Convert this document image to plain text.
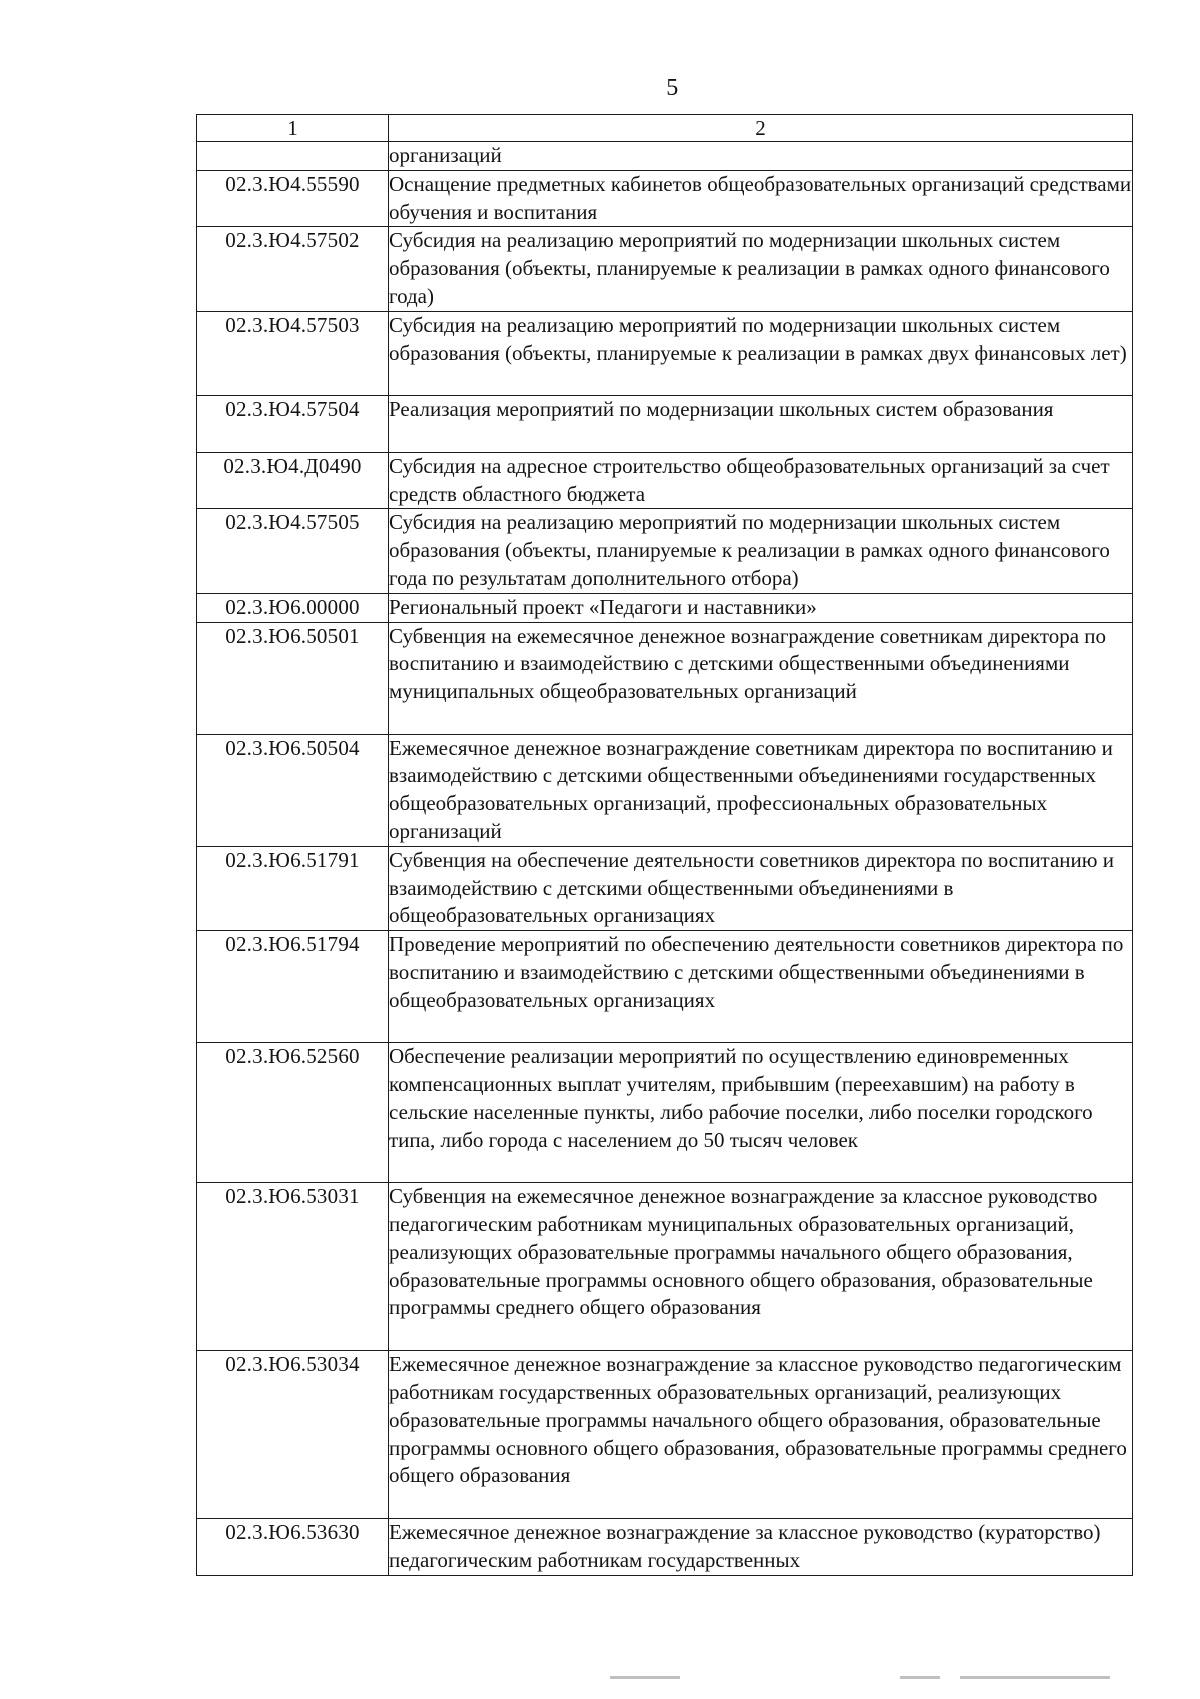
5
1	2
	организаций
02.3.Ю4.55590	Оснащение предметных кабинетов общеобразовательных организаций средствами обучения и воспитания
02.3.Ю4.57502	Субсидия на реализацию мероприятий по модернизации школьных систем образования (объекты, планируемые к реализации в рамках одного финансового года)
02.3.Ю4.57503	Субсидия на реализацию мероприятий по модернизации школьных систем образования (объекты, планируемые к реализации в рамках двух финансовых лет)
02.3.Ю4.57504	Реализация мероприятий по модернизации школьных систем образования
02.3.Ю4.Д0490	Субсидия на адресное строительство общеобразовательных организаций за счет средств областного бюджета
02.3.Ю4.57505	Субсидия на реализацию мероприятий по модернизации школьных систем образования (объекты, планируемые к реализации в рамках одного финансового года по результатам дополнительного отбора)
02.3.Ю6.00000	Региональный проект «Педагоги и наставники»
02.3.Ю6.50501	Субвенция на ежемесячное денежное вознаграждение советникам директора по воспитанию и взаимодействию с детскими общественными объединениями муниципальных общеобразовательных организаций
02.3.Ю6.50504	Ежемесячное денежное вознаграждение советникам директора по воспитанию и взаимодействию с детскими общественными объединениями государственных общеобразовательных организаций, профессиональных образовательных организаций
02.3.Ю6.51791	Субвенция на обеспечение деятельности советников директора по воспитанию и взаимодействию с детскими общественными объединениями в общеобразовательных организациях
02.3.Ю6.51794	Проведение мероприятий по обеспечению деятельности советников директора по воспитанию и взаимодействию с детскими общественными объединениями в общеобразовательных организациях
02.3.Ю6.52560	Обеспечение реализации мероприятий по осуществлению единовременных компенсационных выплат учителям, прибывшим (переехавшим) на работу в сельские населенные пункты, либо рабочие поселки, либо поселки городского типа, либо города с населением до 50 тысяч человек
02.3.Ю6.53031	Субвенция на ежемесячное денежное вознаграждение за классное руководство педагогическим работникам муниципальных образовательных организаций, реализующих образовательные программы начального общего образования, образовательные программы основного общего образования, образовательные программы среднего общего образования
02.3.Ю6.53034	Ежемесячное денежное вознаграждение за классное руководство педагогическим работникам государственных образовательных организаций, реализующих образовательные программы начального общего образования, образовательные программы основного общего образования, образовательные программы среднего общего образования
02.3.Ю6.53630	Ежемесячное денежное вознаграждение за классное руководство (кураторство) педагогическим работникам государственных
